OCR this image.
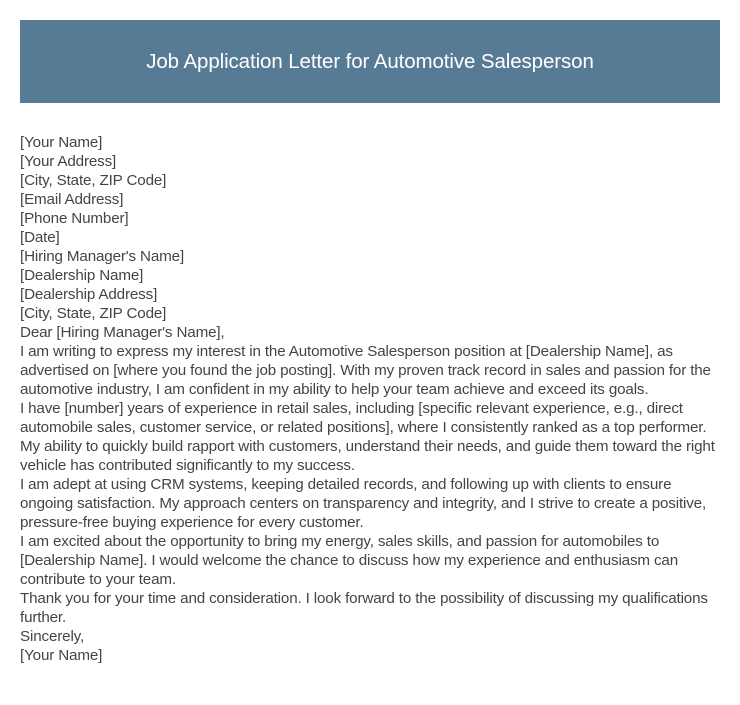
Job Application Letter for Automotive Salesperson

[Your Name]

[Your Address]

[City, State, ZIP Code]

[Email Address]

[Phone Number]

[Date]

[Hiring Manager's Name]

[Dealership Name]

[Dealership Address]

[City, State, ZIP Code]

Dear [Hiring Manager's Name],

I am writing to express my interest in the Automotive Salesperson position at [Dealership Name], as advertised on [where you found the job posting]. With my proven track record in sales and passion for the automotive industry, I am confident in my ability to help your team achieve and exceed its goals.

I have [number] years of experience in retail sales, including [specific relevant experience, e.g., direct automobile sales, customer service, or related positions], where I consistently ranked as a top performer. My ability to quickly build rapport with customers, understand their needs, and guide them toward the right vehicle has contributed significantly to my success.

I am adept at using CRM systems, keeping detailed records, and following up with clients to ensure ongoing satisfaction. My approach centers on transparency and integrity, and I strive to create a positive, pressure-free buying experience for every customer.

I am excited about the opportunity to bring my energy, sales skills, and passion for automobiles to [Dealership Name]. I would welcome the chance to discuss how my experience and enthusiasm can contribute to your team.

Thank you for your time and consideration. I look forward to the possibility of discussing my qualifications further.

Sincerely,

[Your Name]
